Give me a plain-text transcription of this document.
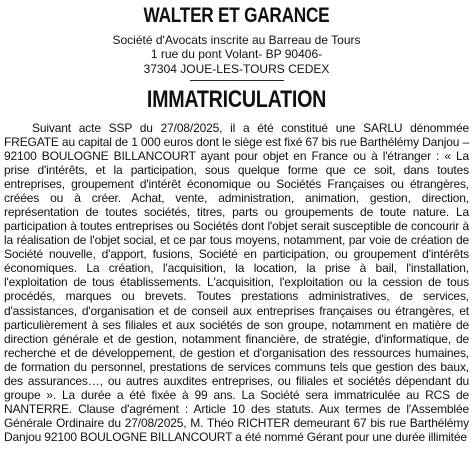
WALTER ET GARANCE
Société d'Avocats inscrite au Barreau de Tours
1 rue du pont Volant- BP 90406-
37304 JOUE-LES-TOURS CEDEX
IMMATRICULATION

Suivant acte SSP du 27/08/2025, il a été constitué une SARLU dénommée FREGATE au capital de 1 000 euros dont le siège est fixé 67 bis rue Barthélémy Danjou – 92100 BOULOGNE BILLANCOURT ayant pour objet en France ou à l'étranger : « La prise d'intérêts, et la participation, sous quelque forme que ce soit, dans toutes entreprises, groupement d'intérêt économique ou Sociétés Françaises ou étrangères, créées ou à créer. Achat, vente, administration, animation, gestion, direction, représentation de toutes sociétés, titres, parts ou groupements de toute nature. La participation à toutes entreprises ou Sociétés dont l'objet serait susceptible de concourir à la réalisation de l'objet social, et ce par tous moyens, notamment, par voie de création de Société nouvelle, d'apport, fusions, Société en participation, ou groupement d'intérêts économiques. La création, l'acquisition, la location, la prise à bail, l'installation, l'exploitation de tous établissements. L'acquisition, l'exploitation ou la cession de tous procédés, marques ou brevets. Toutes prestations administratives, de services, d'assistances, d'organisation et de conseil aux entreprises françaises ou étrangères, et particulièrement à ses filiales et aux sociétés de son groupe, notamment en matière de direction générale et de gestion, notamment financière, de stratégie, d'informatique, de recherche et de développement, de gestion et d'organisation des ressources humaines, de formation du personnel, prestations de services communs tels que gestion des baux, des assurances…, ou autres auxdites entreprises, ou filiales et sociétés dépendant du groupe ». La durée a été fixée à 99 ans. La Société sera immatriculée au RCS de NANTERRE. Clause d'agrément : Article 10 des statuts. Aux termes de l'Assemblée Générale Ordinaire du 27/08/2025, M. Théo RICHTER demeurant 67 bis rue Barthélémy Danjou 92100 BOULOGNE BILLANCOURT a été nommé Gérant pour une durée illimitée
